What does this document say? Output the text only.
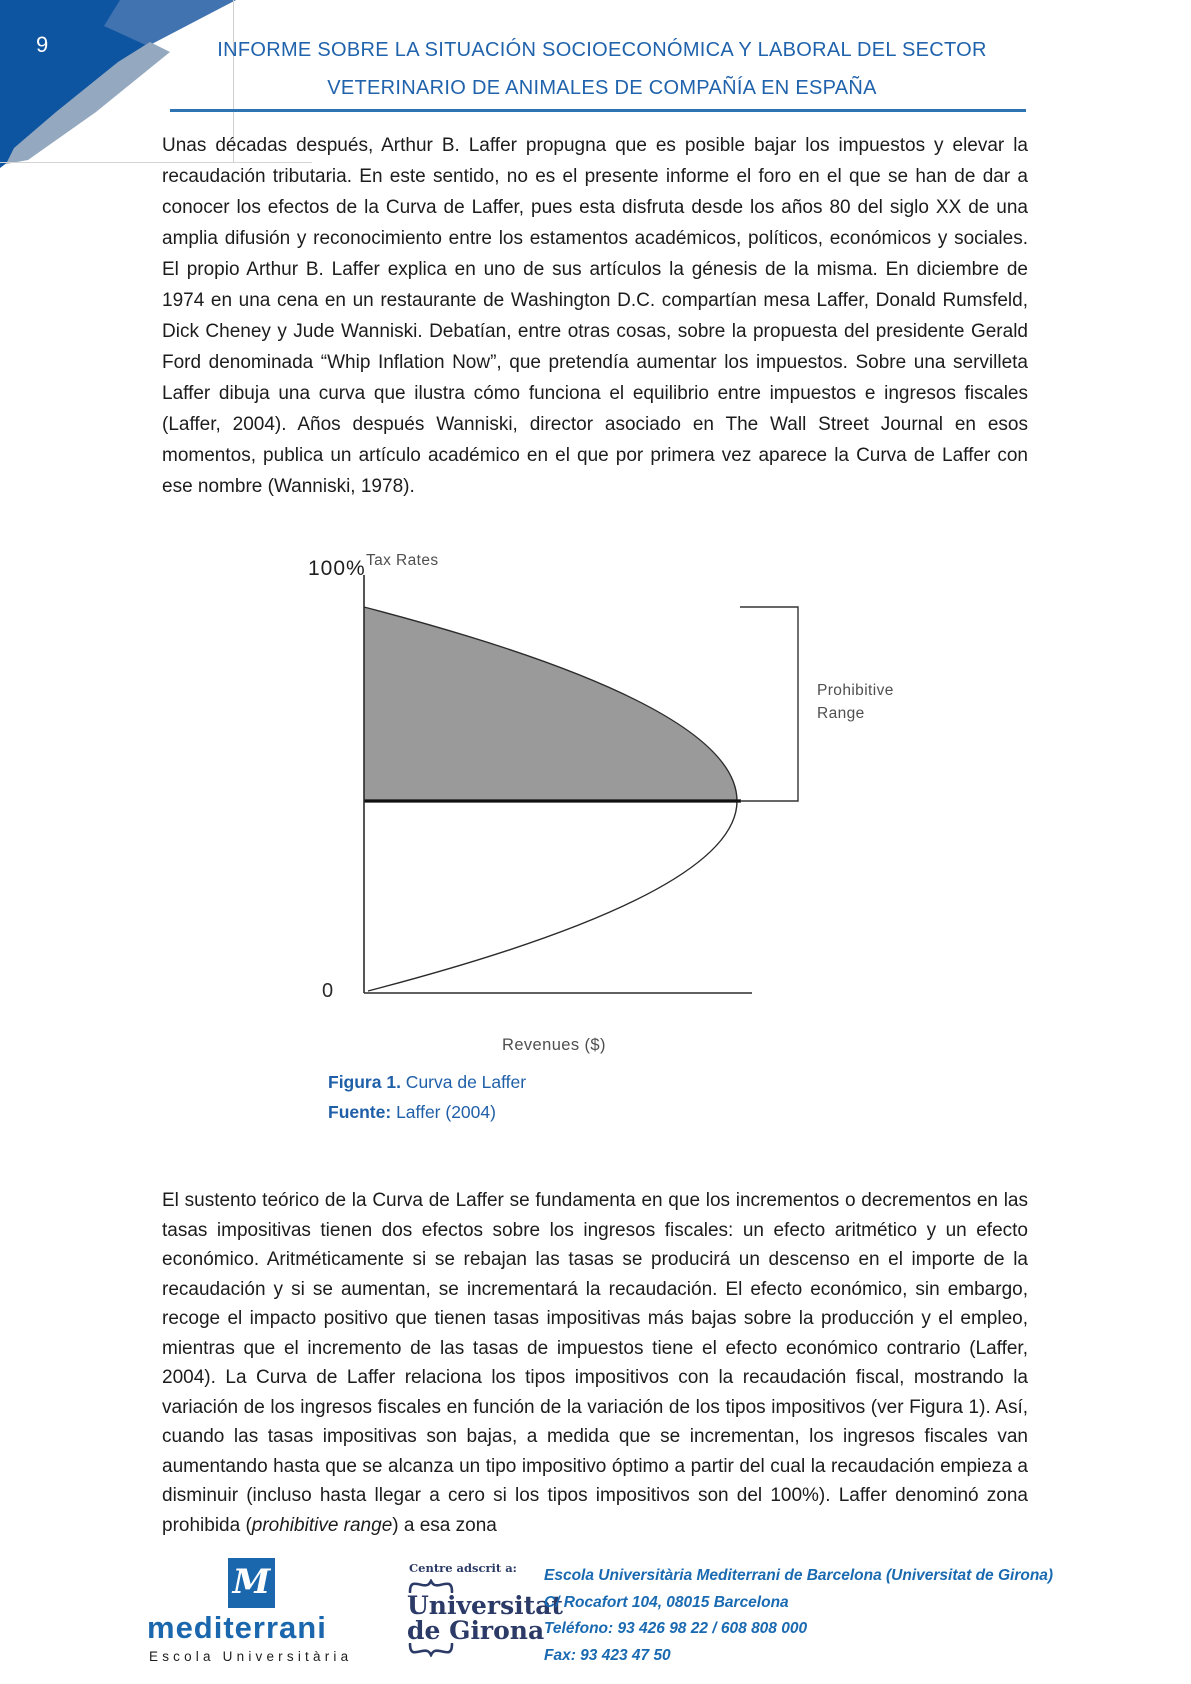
9	INFORME SOBRE LA SITUACIÓN SOCIOECONÓMICA Y LABORAL DEL SECTOR
VETERINARIO DE ANIMALES DE COMPAÑÍA EN ESPAÑA

Unas décadas después, Arthur B. Laffer propugna que es posible bajar los impuestos y elevar la recaudación tributaria. En este sentido, no es el presente informe el foro en el que se han de dar a conocer los efectos de la Curva de Laffer, pues esta disfruta desde los años 80 del siglo XX de una amplia difusión y reconocimiento entre los estamentos académicos, políticos, económicos y sociales. El propio Arthur B. Laffer explica en uno de sus artículos la génesis de la misma. En diciembre de 1974 en una cena en un restaurante de Washington D.C. compartían mesa Laffer, Donald Rumsfeld, Dick Cheney y Jude Wanniski. Debatían, entre otras cosas, sobre la propuesta del presidente Gerald Ford denominada “Whip Inflation Now”, que pretendía aumentar los impuestos. Sobre una servilleta Laffer dibuja una curva que ilustra cómo funciona el equilibrio entre impuestos e ingresos fiscales (Laffer, 2004). Años después Wanniski, director asociado en The Wall Street Journal en esos momentos, publica un artículo académico en el que por primera vez aparece la Curva de Laffer con ese nombre (Wanniski, 1978).

100% Tax Rates
Prohibitive
Range
0
Revenues ($)
Figura 1. Curva de Laffer
Fuente: Laffer (2004)

El sustento teórico de la Curva de Laffer se fundamenta en que los incrementos o decrementos en las tasas impositivas tienen dos efectos sobre los ingresos fiscales: un efecto aritmético y un efecto económico. Aritméticamente si se rebajan las tasas se producirá un descenso en el importe de la recaudación y si se aumentan, se incrementará la recaudación. El efecto económico, sin embargo, recoge el impacto positivo que tienen tasas impositivas más bajas sobre la producción y el empleo, mientras que el incremento de las tasas de impuestos tiene el efecto económico contrario (Laffer, 2004). La Curva de Laffer relaciona los tipos impositivos con la recaudación fiscal, mostrando la variación de los ingresos fiscales en función de la variación de los tipos impositivos (ver Figura 1). Así, cuando las tasas impositivas son bajas, a medida que se incrementan, los ingresos fiscales van aumentando hasta que se alcanza un tipo impositivo óptimo a partir del cual la recaudación empieza a disminuir (incluso hasta llegar a cero si los tipos impositivos son del 100%). Laffer denominó zona prohibida (prohibitive range) a esa zona

M
mediterrani
Escola Universitària
Centre adscrit a:
Universitat
de Girona
Escola Universitària Mediterrani de Barcelona (Universitat de Girona)
C/ Rocafort 104, 08015 Barcelona
Teléfono: 93 426 98 22 / 608 808 000
Fax: 93 423 47 50
